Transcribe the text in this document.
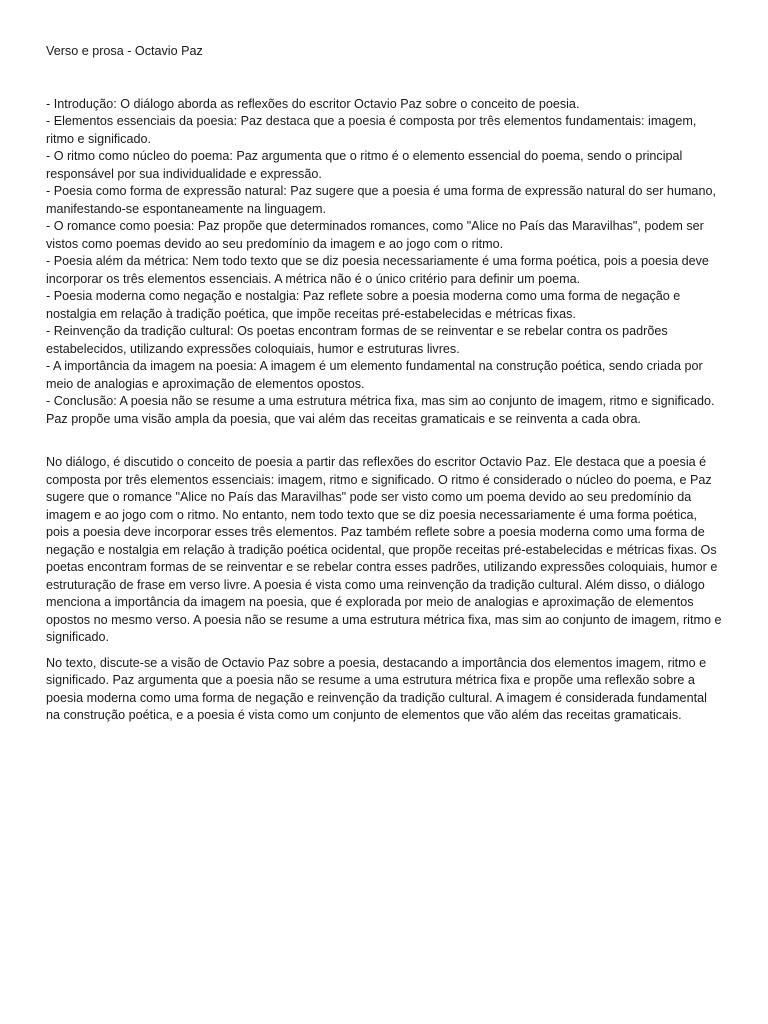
Verso e prosa - Octavio Paz

- Introdução: O diálogo aborda as reflexões do escritor Octavio Paz sobre o conceito de poesia.

- Elementos essenciais da poesia: Paz destaca que a poesia é composta por três elementos fundamentais: imagem, ritmo e significado.

- O ritmo como núcleo do poema: Paz argumenta que o ritmo é o elemento essencial do poema, sendo o principal responsável por sua individualidade e expressão.

- Poesia como forma de expressão natural: Paz sugere que a poesia é uma forma de expressão natural do ser humano, manifestando-se espontaneamente na linguagem.

- O romance como poesia: Paz propõe que determinados romances, como "Alice no País das Maravilhas", podem ser vistos como poemas devido ao seu predomínio da imagem e ao jogo com o ritmo.

- Poesia além da métrica: Nem todo texto que se diz poesia necessariamente é uma forma poética, pois a poesia deve incorporar os três elementos essenciais. A métrica não é o único critério para definir um poema.

- Poesia moderna como negação e nostalgia: Paz reflete sobre a poesia moderna como uma forma de negação e nostalgia em relação à tradição poética, que impõe receitas pré-estabelecidas e métricas fixas.

- Reinvenção da tradição cultural: Os poetas encontram formas de se reinventar e se rebelar contra os padrões estabelecidos, utilizando expressões coloquiais, humor e estruturas livres.

- A importância da imagem na poesia: A imagem é um elemento fundamental na construção poética, sendo criada por meio de analogias e aproximação de elementos opostos.

- Conclusão: A poesia não se resume a uma estrutura métrica fixa, mas sim ao conjunto de imagem, ritmo e significado. Paz propõe uma visão ampla da poesia, que vai além das receitas gramaticais e se reinventa a cada obra.

No diálogo, é discutido o conceito de poesia a partir das reflexões do escritor Octavio Paz. Ele destaca que a poesia é composta por três elementos essenciais: imagem, ritmo e significado. O ritmo é considerado o núcleo do poema, e Paz sugere que o romance "Alice no País das Maravilhas" pode ser visto como um poema devido ao seu predomínio da imagem e ao jogo com o ritmo. No entanto, nem todo texto que se diz poesia necessariamente é uma forma poética, pois a poesia deve incorporar esses três elementos. Paz também reflete sobre a poesia moderna como uma forma de negação e nostalgia em relação à tradição poética ocidental, que propõe receitas pré-estabelecidas e métricas fixas. Os poetas encontram formas de se reinventar e se rebelar contra esses padrões, utilizando expressões coloquiais, humor e estruturação de frase em verso livre. A poesia é vista como uma reinvenção da tradição cultural. Além disso, o diálogo menciona a importância da imagem na poesia, que é explorada por meio de analogias e aproximação de elementos opostos no mesmo verso. A poesia não se resume a uma estrutura métrica fixa, mas sim ao conjunto de imagem, ritmo e significado.

No texto, discute-se a visão de Octavio Paz sobre a poesia, destacando a importância dos elementos imagem, ritmo e significado. Paz argumenta que a poesia não se resume a uma estrutura métrica fixa e propõe uma reflexão sobre a poesia moderna como uma forma de negação e reinvenção da tradição cultural. A imagem é considerada fundamental na construção poética, e a poesia é vista como um conjunto de elementos que vão além das receitas gramaticais.
